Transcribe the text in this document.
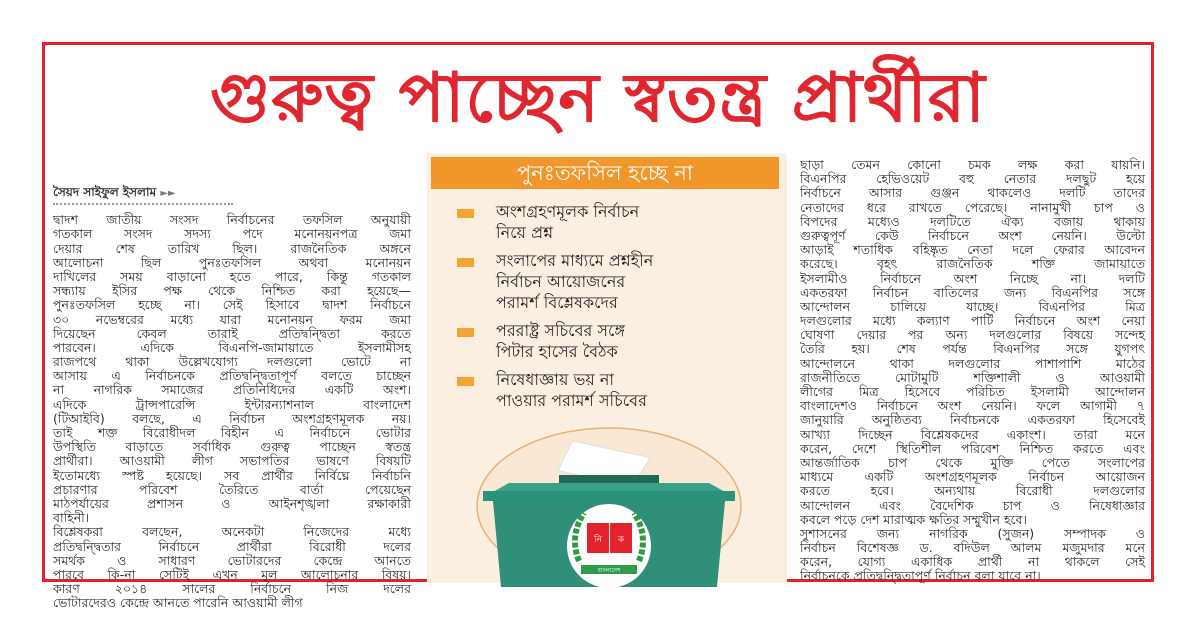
গুরুত্ব পাচ্ছেন স্বতন্ত্র প্রার্থীরা
সৈয়দ সাইফুল ইসলাম ►►
দ্বাদশ জাতীয় সংসদ নির্বাচনের তফসিল অনুযায়ী
গতকাল সংসদ সদস্য পদে মনোনয়নপত্র জমা
দেয়ার শেষ তারিখ ছিল। রাজনৈতিক অঙ্গনে
আলোচনা ছিল পুনঃতফসিল অথবা মনোনয়ন
দাখিলের সময় বাড়ানো হতে পারে, কিন্তু গতকাল
সন্ধ্যায় ইসির পক্ষ থেকে নিশ্চিত করা হয়েছে—
পুনঃতফসিল হচ্ছে না। সেই হিসাবে দ্বাদশ নির্বাচনে
৩০ নভেম্বরের মধ্যে যারা মনোনয়ন ফরম জমা
দিয়েছেন কেবল তারাই প্রতিদ্বন্দ্বিতা করতে
পারবেন। এদিকে বিএনপি-জামায়াতে ইসলামীসহ
রাজপথে থাকা উল্লেখযোগ্য দলগুলো ভোটে না
আসায় এ নির্বাচনকে প্রতিদ্বন্দ্বিতাপূর্ণ বলতে চাচ্ছেন
না নাগরিক সমাজের প্রতিনিধিদের একটি অংশ।
এদিকে ট্রান্সপারেন্সি ইন্টারন্যাশনাল বাংলাদেশ
(টিআইবি) বলছে, এ নির্বাচন অংশগ্রহণমূলক নয়।
তাই শক্ত বিরোধীদল বিহীন এ নির্বাচনে ভোটার
উপস্থিতি বাড়াতে সর্বাধিক গুরুত্ব পাচ্ছেন স্বতন্ত্র
প্রার্থীরা। আওয়ামী লীগ সভাপতির ভাষণে বিষয়টি
ইতোমধ্যে স্পষ্ট হয়েছে। সব প্রার্থীর নির্বিঘ্নে নির্বাচনি
প্রচারণার পরিবেশ তৈরিতে বার্তা পেয়েছেন
মাঠপর্যায়ের প্রশাসন ও আইনশৃঙ্খলা রক্ষাকারী
বাহিনী।
বিশ্লেষকরা বলছেন, অনেকটা নিজেদের মধ্যে
প্রতিদ্বন্দ্বিতার নির্বাচনে প্রার্থীরা বিরোধী দলের
সমর্থক ও সাধারণ ভোটারদের কেন্দ্রে আনতে
পারবে কি-না সেটিই এখন মূল আলোচনার বিষয়।
কারণ ২০১৪ সালের নির্বাচনে নিজ দলের
ভোটারদেরও কেন্দ্রে আনতে পারেনি আওয়ামী লীগ
পুনঃতফসিল হচ্ছে না
অংশগ্রহণমূলক নির্বাচন
নিয়ে প্রশ্ন
সংলাপের মাধ্যমে প্রশ্নহীন
নির্বাচন আয়োজনের
পরামর্শ বিশ্লেষকদের
পররাষ্ট্র সচিবের সঙ্গে
পিটার হাসের বৈঠক
নিষেধাজ্ঞায় ভয় না
পাওয়ার পরামর্শ সচিবের
নি ক
বাংলাদেশ
ছাড়া তেমন কোনো চমক লক্ষ করা যায়নি।
বিএনপির হেভিওয়েট বহু নেতার দলছুট হয়ে
নির্বাচনে আসার গুঞ্জন থাকলেও দলটি তাদের
নেতাদের ধরে রাখতে পেরেছে। নানামুখী চাপ ও
বিপদের মধ্যেও দলটিতে ঐক্য বজায় থাকায়
গুরুত্বপূর্ণ কেউ নির্বাচনে অংশ নেয়নি। উল্টো
আড়াই শতাধিক বহিষ্কৃত নেতা দলে ফেরার আবেদন
করেছে। বৃহৎ রাজনৈতিক শক্তি জামায়াতে
ইসলামীও নির্বাচনে অংশ নিচ্ছে না। দলটি
একতরফা নির্বাচন বাতিলের জন্য বিএনপির সঙ্গে
আন্দোলন চালিয়ে যাচ্ছে। বিএনপির মিত্র
দলগুলোর মধ্যে কল্যাণ পার্টি নির্বাচনে অংশ নেয়া
ঘোষণা দেয়ার পর অন্য দলগুলোর বিষয়ে সন্দেহ
তৈরি হয়। শেষ পর্যন্ত বিএনপির সঙ্গে যুগপৎ
আন্দোলনে থাকা দলগুলোর পাশাপাশি মাঠের
রাজনীতিতে মোটামুটি শক্তিশালী ও আওয়ামী
লীগের মিত্র হিসেবে পরিচিত ইসলামী আন্দোলন
বাংলাদেশও নির্বাচনে অংশ নেয়নি। ফলে আগামী ৭
জানুয়ারি অনুষ্ঠিতব্য নির্বাচনকে একতরফা হিসেবেই
আখ্যা দিচ্ছেন বিশ্লেষকদের একাংশ। তারা মনে
করেন, দেশে স্থিতিশীল পরিবেশ নিশ্চিত করতে এবং
আন্তর্জাতিক চাপ থেকে মুক্তি পেতে সংলাপের
মাধ্যমে একটি অংশগ্রহণমূলক নির্বাচন আয়োজন
করতে হবে। অন্যথায় বিরোধী দলগুলোর
আন্দোলন এবং বৈদেশিক চাপ ও নিষেধাজ্ঞার
কবলে পড়ে দেশ মারাত্মক ক্ষতির সম্মুখীন হবে।
সুশাসনের জন্য নাগরিক (সুজন) সম্পাদক ও
নির্বাচন বিশেষজ্ঞ ড. বদিউল আলম মজুমদার মনে
করেন, যোগ্য একাধিক প্রার্থী না থাকলে সেই
নির্বাচনকে প্রতিদ্বন্দ্বিতাপূর্ণ নির্বাচন বলা যাবে না।
